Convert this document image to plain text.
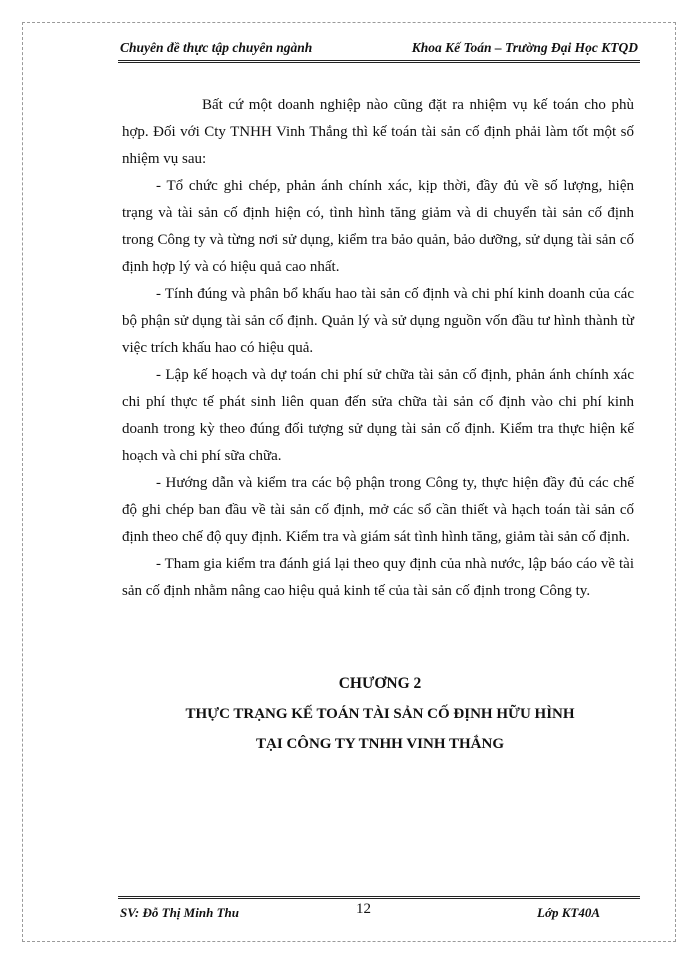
Chuyên đề thực tập chuyên ngành	Khoa Kế Toán – Trường Đại Học KTQD

Bất cứ một doanh nghiệp nào cũng đặt ra nhiệm vụ kế toán cho phù hợp. Đối với Cty TNHH Vinh Thắng thì kế toán tài sản cố định phải làm tốt một số nhiệm vụ sau:

- Tổ chức ghi chép, phản ánh chính xác, kịp thời, đầy đủ về số lượng, hiện trạng và tài sản cố định hiện có, tình hình tăng giảm và di chuyển tài sản cố định trong Công ty và từng nơi sử dụng, kiểm tra bảo quản, bảo dưỡng, sử dụng tài sản cố định hợp lý và có hiệu quả cao nhất.

- Tính đúng và phân bổ khấu hao tài sản cố định và chi phí kinh doanh của các bộ phận sử dụng tài sản cố định. Quản lý và sử dụng nguồn vốn đầu tư hình thành từ việc trích khấu hao có hiệu quả.

- Lập kế hoạch và dự toán chi phí sử chữa tài sản cố định, phản ánh chính xác chi phí thực tế phát sinh liên quan đến sửa chữa tài sản cố định vào chi phí kinh doanh trong kỳ theo đúng đối tượng sử dụng tài sản cố định. Kiểm tra thực hiện kế hoạch và chi phí sữa chữa.

- Hướng dẫn và kiểm tra các bộ phận trong Công ty, thực hiện đầy đủ các chế độ ghi chép ban đầu về tài sản cố định, mở các sổ cần thiết và hạch toán tài sản cố định theo chế độ quy định. Kiểm tra và giám sát tình hình tăng, giảm tài sản cố định.

- Tham gia kiểm tra đánh giá lại theo quy định của nhà nước, lập báo cáo về tài sản cố định nhằm nâng cao hiệu quả kinh tế của tài sản cố định trong Công ty.

CHƯƠNG 2
THỰC TRẠNG KẾ TOÁN TÀI SẢN CỐ ĐỊNH HỮU HÌNH
TẠI CÔNG TY TNHH VINH THẮNG
SV: Đỗ Thị Minh Thu	12	Lớp KT40A
